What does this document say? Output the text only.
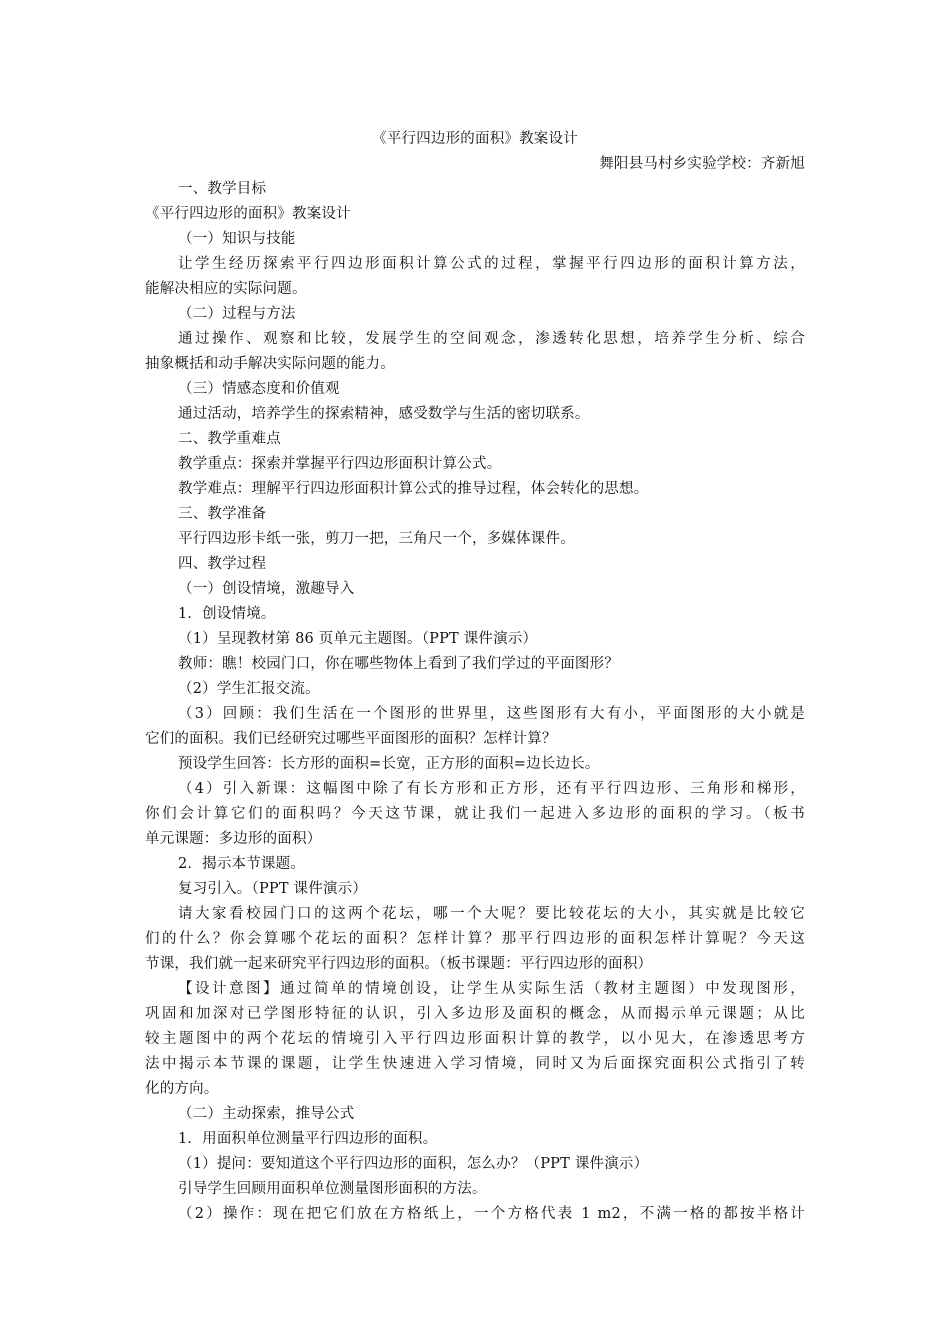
《平行四边形的面积》教案设计
舞阳县马村乡实验学校：齐新旭
一、教学目标
《平行四边形的面积》教案设计
（一）知识与技能
让学生经历探索平行四边形面积计算公式的过程，掌握平行四边形的面积计算方法，
能解决相应的实际问题。
（二）过程与方法
通过操作、观察和比较，发展学生的空间观念，渗透转化思想，培养学生分析、综合
抽象概括和动手解决实际问题的能力。
（三）情感态度和价值观
通过活动，培养学生的探索精神，感受数学与生活的密切联系。
二、教学重难点
教学重点：探索并掌握平行四边形面积计算公式。
教学难点：理解平行四边形面积计算公式的推导过程，体会转化的思想。
三、教学准备
平行四边形卡纸一张，剪刀一把，三角尺一个，多媒体课件。
四、教学过程
（一）创设情境，激趣导入
1．创设情境。
（1）呈现教材第 86 页单元主题图。（PPT 课件演示）
教师：瞧！校园门口，你在哪些物体上看到了我们学过的平面图形？
（2）学生汇报交流。
（3）回顾：我们生活在一个图形的世界里，这些图形有大有小，平面图形的大小就是
它们的面积。我们已经研究过哪些平面图形的面积？怎样计算？
预设学生回答：长方形的面积=长宽，正方形的面积=边长边长。
（4）引入新课：这幅图中除了有长方形和正方形，还有平行四边形、三角形和梯形，
你们会计算它们的面积吗？今天这节课，就让我们一起进入多边形的面积的学习。（板书
单元课题：多边形的面积）
2．揭示本节课题。
复习引入。（PPT 课件演示）
请大家看校园门口的这两个花坛，哪一个大呢？要比较花坛的大小，其实就是比较它
们的什么？你会算哪个花坛的面积？怎样计算？那平行四边形的面积怎样计算呢？今天这
节课，我们就一起来研究平行四边形的面积。（板书课题：平行四边形的面积）
【设计意图】通过简单的情境创设，让学生从实际生活（教材主题图）中发现图形，
巩固和加深对已学图形特征的认识，引入多边形及面积的概念，从而揭示单元课题；从比
较主题图中的两个花坛的情境引入平行四边形面积计算的教学，以小见大，在渗透思考方
法中揭示本节课的课题，让学生快速进入学习情境，同时又为后面探究面积公式指引了转
化的方向。
（二）主动探索，推导公式
1．用面积单位测量平行四边形的面积。
（1）提问：要知道这个平行四边形的面积，怎么办？（PPT 课件演示）
引导学生回顾用面积单位测量图形面积的方法。
（2）操作：现在把它们放在方格纸上，一个方格代表 1 m2，不满一格的都按半格计
